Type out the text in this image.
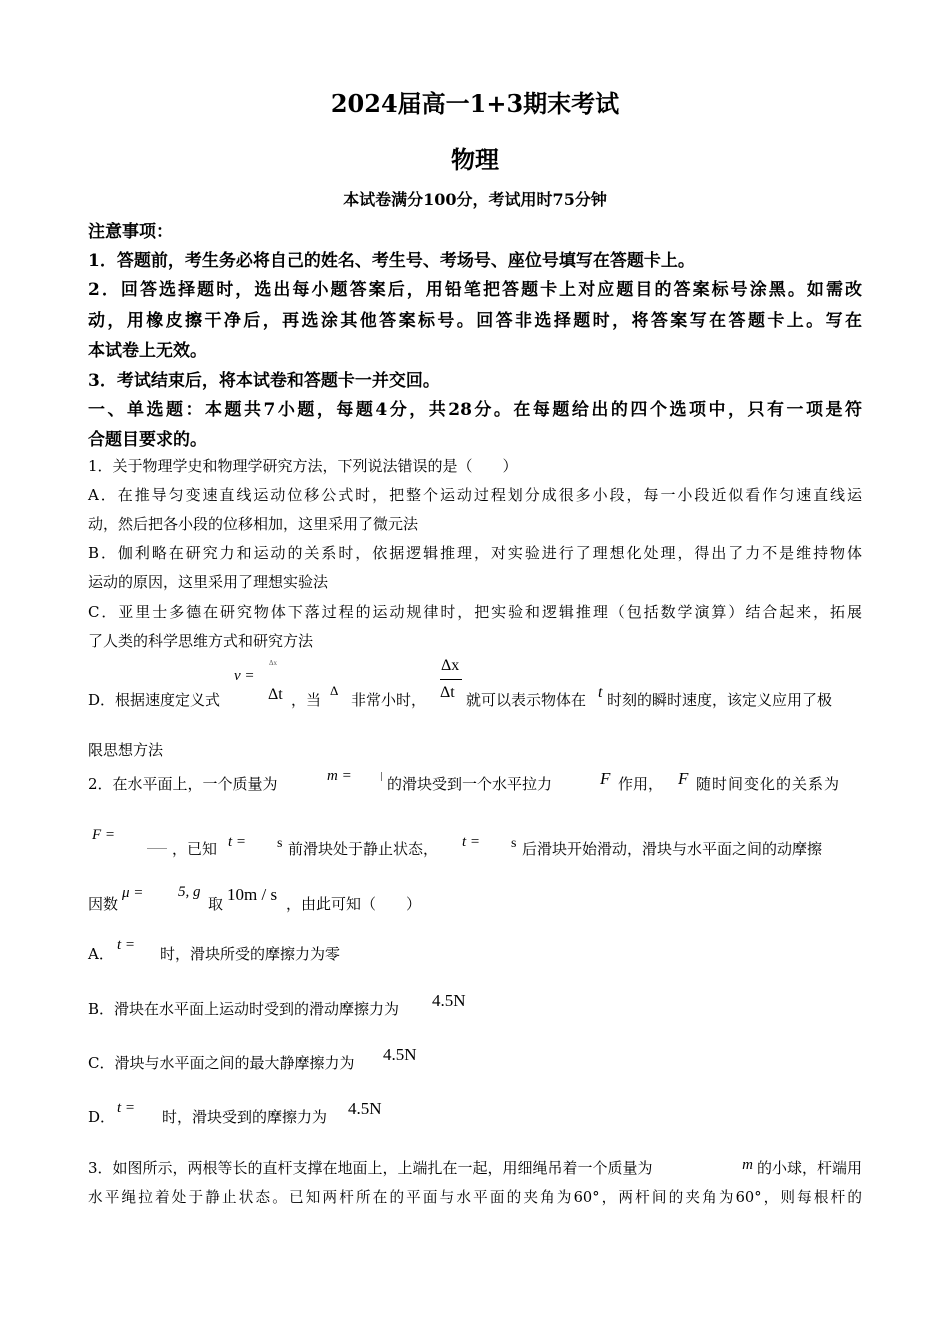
2024届高一1+3期末考试
物理
本试卷满分100分，考试用时75分钟
注意事项：
1．答题前，考生务必将自己的姓名、考生号、考场号、座位号填写在答题卡上。
2．回答选择题时，选出每小题答案后，用铅笔把答题卡上对应题目的答案标号涂黑。如需改
动，用橡皮擦干净后，再选涂其他答案标号。回答非选择题时，将答案写在答题卡上。写在
本试卷上无效。
3．考试结束后，将本试卷和答题卡一并交回。
一、单选题：本题共7小题，每题4分，共28分。在每题给出的四个选项中，只有一项是符
合题目要求的。
1．关于物理学史和物理学研究方法，下列说法错误的是（　　）
A．在推导匀变速直线运动位移公式时，把整个运动过程划分成很多小段，每一小段近似看作匀速直线运
动，然后把各小段的位移相加，这里采用了微元法
B．伽利略在研究力和运动的关系时，依据逻辑推理，对实验进行了理想化处理，得出了力不是维持物体
运动的原因，这里采用了理想实验法
C．亚里士多德在研究物体下落过程的运动规律时，把实验和逻辑推理（包括数学演算）结合起来，拓展
了人类的科学思维方式和研究方法
D．根据速度定义式
v =
Δx
Δt ，当
Δ
非常小时，
Δx
Δt 就可以表示物体在 t 时刻的瞬时速度，该定义应用了极
限思想方法
2．在水平面上，一个质量为	m = 的滑块受到一个水平拉力	F 作用， F 随时间变化的关系为
F =
，已知 t = s 前滑块处于静止状态， t = s 后滑块开始滑动，滑块与水平面之间的动摩擦
因数
μ = 5, g
取 10m / s ，由此可知（　　）
A． t = 时，滑块所受的摩擦力为零
B．滑块在水平面上运动时受到的滑动摩擦力为 4.5N
C．滑块与水平面之间的最大静摩擦力为 4.5N
D． t = 时，滑块受到的摩擦力为 4.5N
3．如图所示，两根等长的直杆支撑在地面上，上端扎在一起，用细绳吊着一个质量为	m 的小球，杆端用
水平绳拉着处于静止状态。已知两杆所在的平面与水平面的夹角为60°，两杆间的夹角为60°，则每根杆的
